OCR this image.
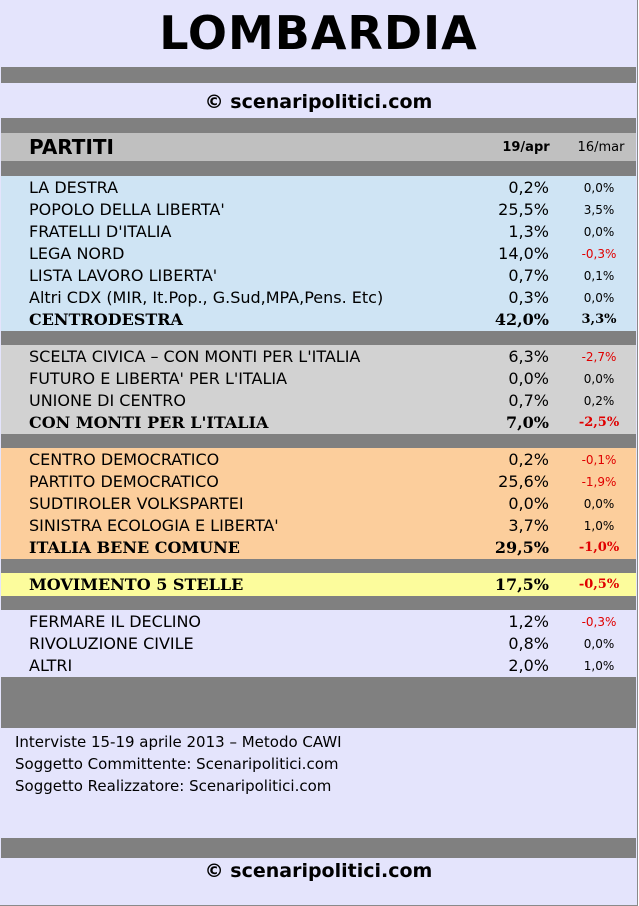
LOMBARDIA
© scenaripolitici.com
PARTITI	19/apr	16/mar
LA DESTRA	0,2%	0,0%
POPOLO DELLA LIBERTA'	25,5%	3,5%
FRATELLI D'ITALIA	1,3%	0,0%
LEGA NORD	14,0%	-0,3%
LISTA LAVORO LIBERTA'	0,7%	0,1%
Altri CDX (MIR, It.Pop., G.Sud,MPA,Pens. Etc)	0,3%	0,0%
CENTRODESTRA	42,0%	3,3%
SCELTA CIVICA – CON MONTI PER L'ITALIA	6,3%	-2,7%
FUTURO E LIBERTA' PER L'ITALIA	0,0%	0,0%
UNIONE DI CENTRO	0,7%	0,2%
CON MONTI PER L'ITALIA	7,0%	-2,5%
CENTRO DEMOCRATICO	0,2%	-0,1%
PARTITO DEMOCRATICO	25,6%	-1,9%
SUDTIROLER VOLKSPARTEI	0,0%	0,0%
SINISTRA ECOLOGIA E LIBERTA'	3,7%	1,0%
ITALIA BENE COMUNE	29,5%	-1,0%
MOVIMENTO 5 STELLE	17,5%	-0,5%
FERMARE IL DECLINO	1,2%	-0,3%
RIVOLUZIONE CIVILE	0,8%	0,0%
ALTRI	2,0%	1,0%
Interviste 15-19 aprile 2013 – Metodo CAWI
Soggetto Committente: Scenaripolitici.com
Soggetto Realizzatore: Scenaripolitici.com
© scenaripolitici.com
